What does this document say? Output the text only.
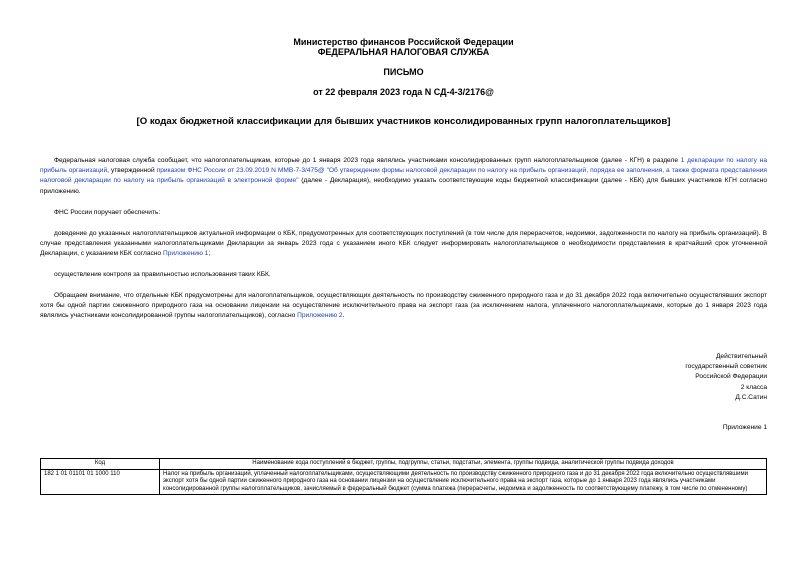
Министерство финансов Российской Федерации
ФЕДЕРАЛЬНАЯ НАЛОГОВАЯ СЛУЖБА
ПИСЬМО
от 22 февраля 2023 года N СД-4-3/2176@
[О кодах бюджетной классификации для бывших участников консолидированных групп налогоплательщиков]
Федеральная налоговая служба сообщает, что налогоплательщикам, которые до 1 января 2023 года являлись участниками консолидированных групп налогоплательщиков (далее - КГН) в разделе 1 декларации по налогу на прибыль организаций, утвержденной приказом ФНС России от 23.09.2019 N ММВ-7-3/475@ "Об утверждении формы налоговой декларации по налогу на прибыль организаций, порядка ее заполнения, а также формата представления налоговой декларации по налогу на прибыль организаций в электронной форме" (далее - Декларация), необходимо указать соответствующие коды бюджетной классификации (далее - КБК) для бывших участников КГН согласно приложению.
ФНС России поручает обеспечить:
доведение до указанных налогоплательщиков актуальной информации о КБК, предусмотренных для соответствующих поступлений (в том числе для перерасчетов, недоимки, задолженности по налогу на прибыль организаций). В случае представления указанными налогоплательщиками Декларации за январь 2023 года с указанием иного КБК следует информировать налогоплательщиков о необходимости представления в кратчайший срок уточненной Декларации, с указанием КБК согласно Приложению 1;
осуществление контроля за правильностью использования таких КБК.
Обращаем внимание, что отдельные КБК предусмотрены для налогоплательщиков, осуществляющих деятельность по производству сжиженного природного газа и до 31 декабря 2022 года включительно осуществлявших экспорт хотя бы одной партии сжиженного природного газа на основании лицензии на осуществление исключительного права на экспорт газа (за исключением налога, уплаченного налогоплательщиками, которые до 1 января 2023 года являлись участниками консолидированной группы налогоплательщиков), согласно Приложению 2.
Действительный
государственный советник
Российской Федерации
2 класса
Д.С.Сатин
Приложение 1
Код	Наименование кода поступлений в бюджет, группы, подгруппы, статьи, подстатьи, элемента, группы подвида, аналитической группы подвида доходов
182 1 01 01101 01 1000 110	Налог на прибыль организаций, уплаченный налогоплательщиками, осуществляющими деятельность по производству сжиженного природного газа и до 31 декабря 2022 года включительно осуществлявшими экспорт хотя бы одной партии сжиженного природного газа на основании лицензии на осуществление исключительного права на экспорт газа, которые до 1 января 2023 года являлись участниками консолидированной группы налогоплательщиков, зачисляемый в федеральный бюджет (сумма платежа (перерасчеты, недоимка и задолженность по соответствующему платежу, в том числе по отмененному)
